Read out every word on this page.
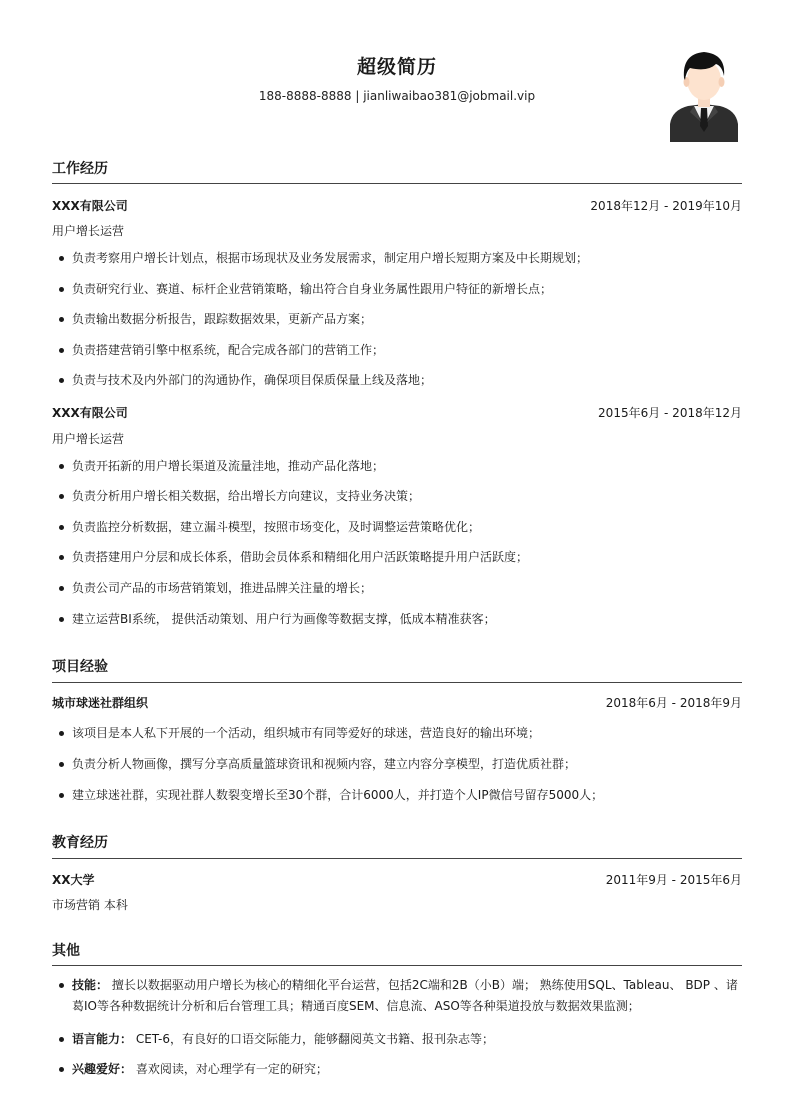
超级简历
188-8888-8888 | jianliwaibao381@jobmail.vip
工作经历
XXX有限公司	2018年12月 - 2019年10月
用户增长运营
负责考察用户增长计划点，根据市场现状及业务发展需求，制定用户增长短期方案及中长期规划；
负责研究行业、赛道、标杆企业营销策略，输出符合自身业务属性跟用户特征的新增长点；
负责输出数据分析报告，跟踪数据效果，更新产品方案；
负责搭建营销引擎中枢系统，配合完成各部门的营销工作；
负责与技术及内外部门的沟通协作，确保项目保质保量上线及落地；
XXX有限公司	2015年6月 - 2018年12月
用户增长运营
负责开拓新的用户增长渠道及流量洼地，推动产品化落地；
负责分析用户增长相关数据，给出增长方向建议，支持业务决策；
负责监控分析数据，建立漏斗模型，按照市场变化，及时调整运营策略优化；
负责搭建用户分层和成长体系，借助会员体系和精细化用户活跃策略提升用户活跃度；
负责公司产品的市场营销策划，推进品牌关注量的增长；
建立运营BI系统， 提供活动策划、用户行为画像等数据支撑，低成本精准获客；
项目经验
城市球迷社群组织	2018年6月 - 2018年9月
该项目是本人私下开展的一个活动，组织城市有同等爱好的球迷，营造良好的输出环境；
负责分析人物画像，撰写分享高质量篮球资讯和视频内容，建立内容分享模型，打造优质社群；
建立球迷社群，实现社群人数裂变增长至30个群，合计6000人，并打造个人IP微信号留存5000人；
教育经历
XX大学	2011年9月 - 2015年6月
市场营销 本科
其他
技能： 擅长以数据驱动用户增长为核心的精细化平台运营，包括2C端和2B（小B）端； 熟练使用SQL、Tableau、 BDP 、诸
葛IO等各种数据统计分析和后台管理工具；精通百度SEM、信息流、ASO等各种渠道投放与数据效果监测；
语言能力： CET-6，有良好的口语交际能力，能够翻阅英文书籍、报刊杂志等；
兴趣爱好： 喜欢阅读，对心理学有一定的研究；
